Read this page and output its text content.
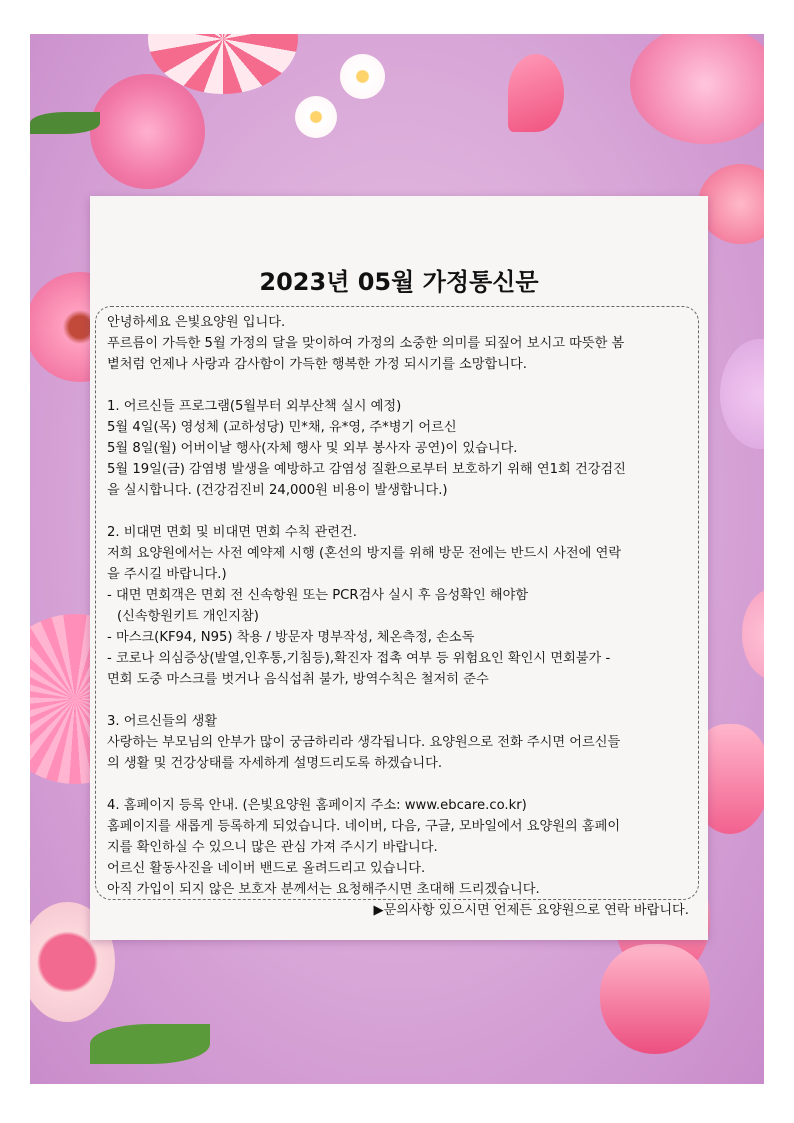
2023년 05월 가정통신문

안녕하세요 은빛요양원 입니다.

푸르름이 가득한 5월 가정의 달을 맞이하여 가정의 소중한 의미를 되짚어 보시고 따뜻한 봄

볕처럼 언제나 사랑과 감사함이 가득한 행복한 가정 되시기를 소망합니다.

1. 어르신들 프로그램(5월부터 외부산책 실시 예정)

5월 4일(목) 영성체 (교하성당) 민*채, 유*영, 주*병기 어르신

5월 8일(월) 어버이날 행사(자체 행사 및 외부 봉사자 공연)이 있습니다.

5월 19일(금) 감염병 발생을 예방하고 감염성 질환으로부터 보호하기 위해 연1회 건강검진

을 실시합니다. (건강검진비 24,000원 비용이 발생합니다.)

2. 비대면 면회 및 비대면 면회 수칙 관련건.

저희 요양원에서는 사전 예약제 시행 (혼선의 방지를 위해 방문 전에는 반드시 사전에 연락

을 주시길 바랍니다.)

- 대면 면회객은 면회 전 신속항원 또는 PCR검사 실시 후 음성확인 해야함

(신속항원키트 개인지참)

- 마스크(KF94, N95) 착용 / 방문자 명부작성, 체온측정, 손소독

- 코로나 의심증상(발열,인후통,기침등),확진자 접촉 여부 등 위험요인 확인시 면회불가 -

면회 도중 마스크를 벗거나 음식섭취 불가, 방역수칙은 철저히 준수

3. 어르신들의 생활

사랑하는 부모님의 안부가 많이 궁금하리라 생각됩니다. 요양원으로 전화 주시면 어르신들

의 생활 및 건강상태를 자세하게 설명드리도록 하겠습니다.

4. 홈페이지 등록 안내. (은빛요양원 홈페이지 주소: www.ebcare.co.kr)

홈페이지를 새롭게 등록하게 되었습니다. 네이버, 다음, 구글, 모바일에서 요양원의 홈페이

지를 확인하실 수 있으니 많은 관심 가져 주시기 바랍니다.

어르신 활동사진을 네이버 밴드로 올려드리고 있습니다.

아직 가입이 되지 않은 보호자 분께서는 요청해주시면 초대해 드리겠습니다.

▶문의사항 있으시면 언제든 요양원으로 연락 바랍니다.
